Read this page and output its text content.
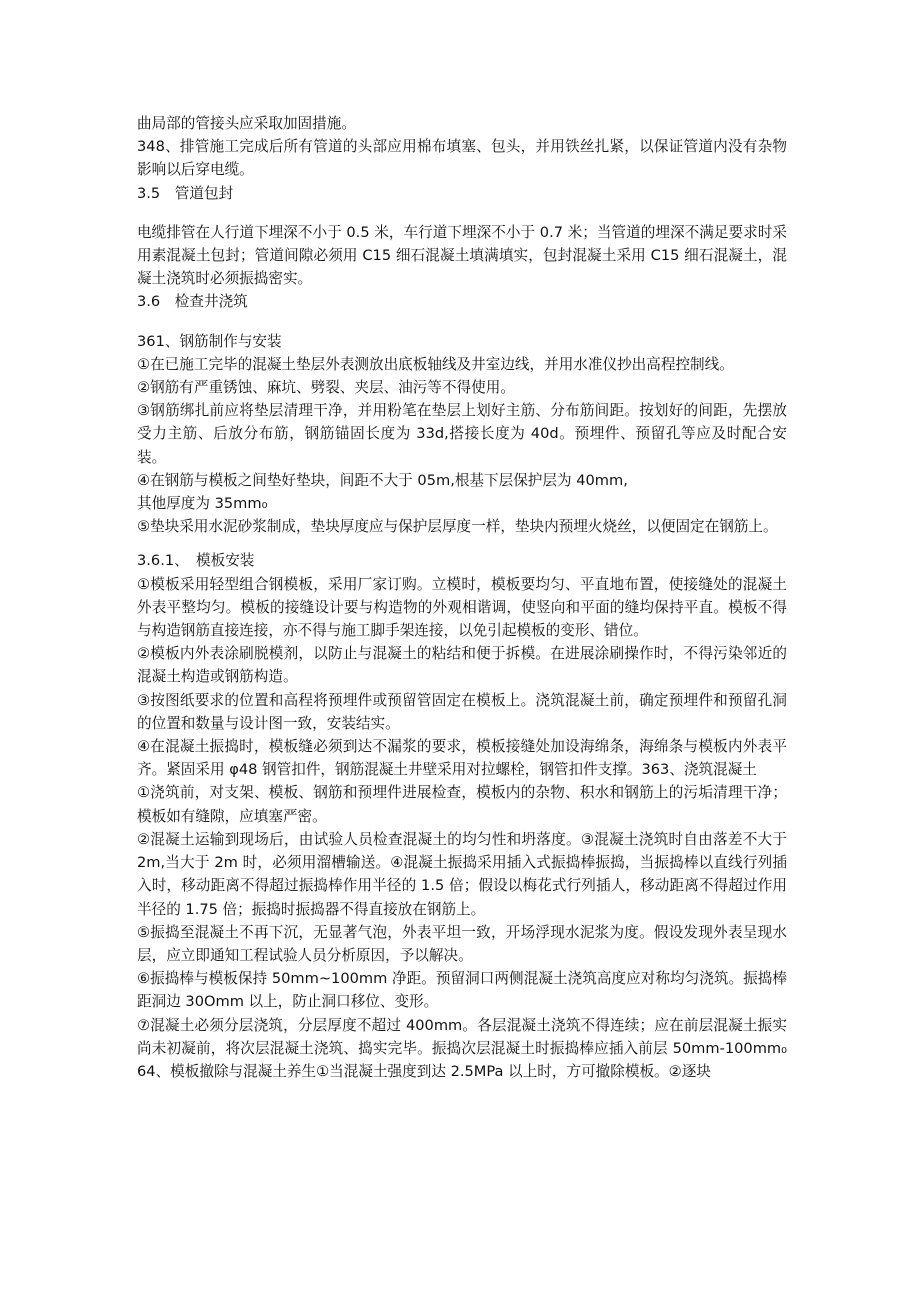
曲局部的管接头应采取加固措施。

348、排管施工完成后所有管道的头部应用棉布填塞、包头，并用铁丝扎紧，以保证管道内没有杂物影响以后穿电缆。

3.5　管道包封

电缆排管在人行道下埋深不小于 0.5 米，车行道下埋深不小于 0.7 米；当管道的埋深不满足要求时采用素混凝土包封；管道间隙必须用 C15 细石混凝土填满填实，包封混凝土采用 C15 细石混凝土，混凝土浇筑时必须振捣密实。

3.6　检查井浇筑

361、钢筋制作与安装

①在已施工完毕的混凝土垫层外表测放出底板轴线及井室边线，并用水准仪抄出高程控制线。

②钢筋有严重锈蚀、麻坑、劈裂、夹层、油污等不得使用。

③钢筋绑扎前应将垫层清理干净，并用粉笔在垫层上划好主筋、分布筋间距。按划好的间距，先摆放受力主筋、后放分布筋，钢筋锚固长度为 33d,搭接长度为 40d。预埋件、预留孔等应及时配合安装。

④在钢筋与模板之间垫好垫块，间距不大于 05m,根基下层保护层为 40mm,

其他厚度为 35mm₀

⑤垫块采用水泥砂浆制成，垫块厚度应与保护层厚度一样，垫块内预埋火烧丝，以便固定在钢筋上。

3.6.1、　模板安装

①模板采用轻型组合钢模板，采用厂家订购。立模时，模板要均匀、平直地布置，使接缝处的混凝土外表平整均匀。模板的接缝设计要与构造物的外观相谐调，使竖向和平面的缝均保持平直。模板不得与构造钢筋直接连接，亦不得与施工脚手架连接，以免引起模板的变形、错位。

②模板内外表涂刷脱模剂，以防止与混凝土的粘结和便于拆模。在进展涂刷操作时，不得污染邻近的混凝土构造或钢筋构造。

③按图纸要求的位置和高程将预埋件或预留管固定在模板上。浇筑混凝土前，确定预埋件和预留孔洞的位置和数量与设计图一致，安装结实。

④在混凝土振捣时，模板缝必须到达不漏浆的要求，模板接缝处加设海绵条，海绵条与模板内外表平齐。紧固采用 φ48 钢管扣件，钢筋混凝土井壁采用对拉螺栓，钢管扣件支撑。363、浇筑混凝土

①浇筑前，对支架、模板、钢筋和预埋件进展检查，模板内的杂物、积水和钢筋上的污垢清理干净；模板如有缝隙，应填塞严密。

②混凝土运输到现场后，由试验人员检查混凝土的均匀性和坍落度。③混凝土浇筑时自由落差不大于 2m,当大于 2m 时，必须用溜槽输送。④混凝土振捣采用插入式振捣棒振捣，当振捣棒以直线行列插入时，移动距离不得超过振捣棒作用半径的 1.5 倍；假设以梅花式行列插人，移动距离不得超过作用半径的 1.75 倍；振捣时振捣器不得直接放在钢筋上。

⑤振捣至混凝土不再下沉，无显著气泡，外表平坦一致，开场浮现水泥浆为度。假设发现外表呈现水层，应立即通知工程试验人员分析原因，予以解决。

⑥振捣棒与模板保持 50mm~100mm 净距。预留洞口两侧混凝土浇筑高度应对称均匀浇筑。振捣棒距洞边 30Omm 以上，防止洞口移位、变形。

⑦混凝土必须分层浇筑，分层厚度不超过 400mm。各层混凝土浇筑不得连续；应在前层混凝土振实尚未初凝前，将次层混凝土浇筑、捣实完毕。振捣次层混凝土时振捣棒应插入前层 50mm-100mm₀64、模板撤除与混凝土养生①当混凝土强度到达 2.5MPa 以上时，方可撤除模板。②逐块
